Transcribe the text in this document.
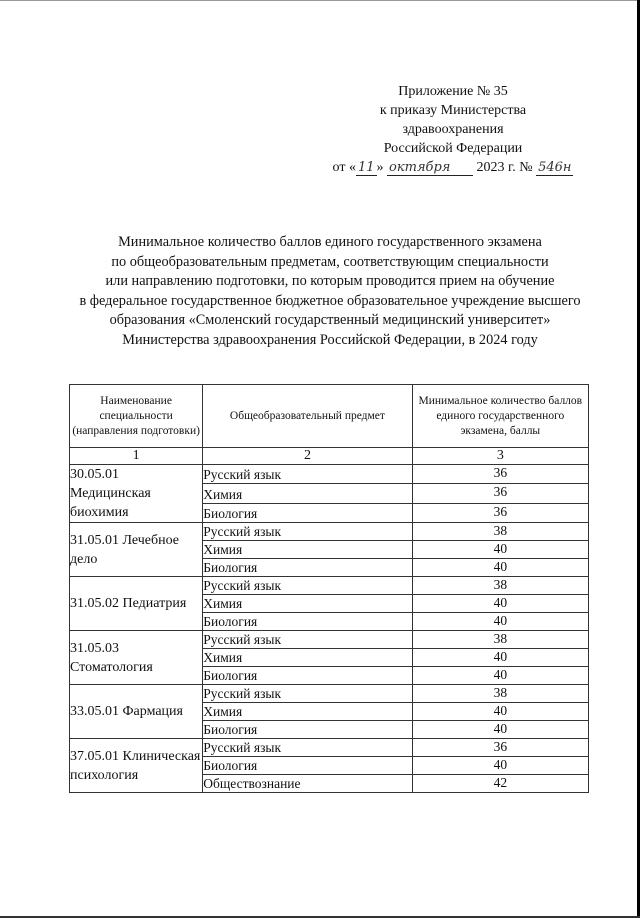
Приложение № 35
к приказу Министерства
здравоохранения
Российской Федерации
от « 11 » октября 2023 г. № 546н
Минимальное количество баллов единого государственного экзамена
по общеобразовательным предметам, соответствующим специальности
или направлению подготовки, по которым проводится прием на обучение
в федеральное государственное бюджетное образовательное учреждение высшего
образования «Смоленский государственный медицинский университет»
Министерства здравоохранения Российской Федерации, в 2024 году
Наименование специальности (направления подготовки)	Общеобразовательный предмет	Минимальное количество баллов единого государственного экзамена, баллы
1	2	3
30.05.01 Медицинская биохимия	Русский язык	36
	Химия	36
	Биология	36
31.05.01 Лечебное дело	Русский язык	38
	Химия	40
	Биология	40
31.05.02 Педиатрия	Русский язык	38
	Химия	40
	Биология	40
31.05.03 Стоматология	Русский язык	38
	Химия	40
	Биология	40
33.05.01 Фармация	Русский язык	38
	Химия	40
	Биология	40
37.05.01 Клиническая психология	Русский язык	36
	Биология	40
	Обществознание	42
